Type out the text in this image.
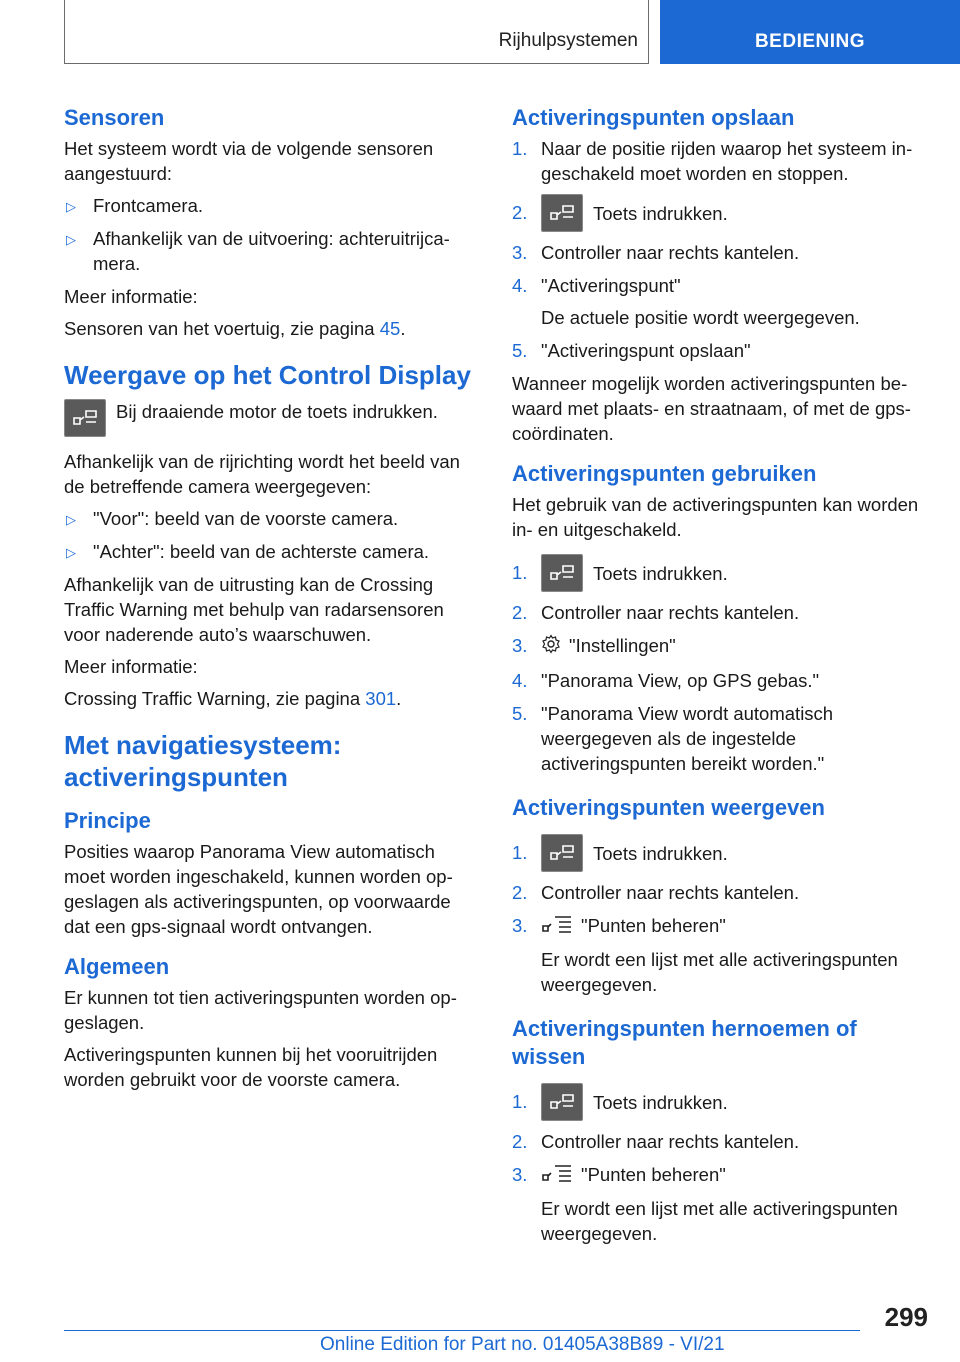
Rijhulpsystemen	BEDIENING
Sensoren

Het systeem wordt via de volgende sensoren aangestuurd:

▷ Frontcamera.
▷ Afhankelijk van de uitvoering: achteruitrijcamera.

Meer informatie:

Sensoren van het voertuig, zie pagina 45.

Weergave op het Control Display
Bij draaiende motor de toets indrukken.

Afhankelijk van de rijrichting wordt het beeld van de betreffende camera weergegeven:

▷ "Voor": beeld van de voorste camera.
▷ "Achter": beeld van de achterste camera.

Afhankelijk van de uitrusting kan de Crossing Traffic Warning met behulp van radarsensoren voor naderende auto’s waarschuwen.

Meer informatie:

Crossing Traffic Warning, zie pagina 301.

Met navigatiesysteem: activeringspunten
Principe

Posities waarop Panorama View automatisch moet worden ingeschakeld, kunnen worden opgeslagen als activeringspunten, op voorwaarde dat een gps-signaal wordt ontvangen.

Algemeen

Er kunnen tot tien activeringspunten worden opgeslagen.

Activeringspunten kunnen bij het vooruitrijden worden gebruikt voor de voorste camera.

Activeringspunten opslaan
1. Naar de positie rijden waarop het systeem ingeschakeld moet worden en stoppen.
2.	Toets indrukken.
3. Controller naar rechts kantelen.
4. "Activeringspunt"
De actuele positie wordt weergegeven.
5. "Activeringspunt opslaan"

Wanneer mogelijk worden activeringspunten bewaard met plaats- en straatnaam, of met de gps-coördinaten.

Activeringspunten gebruiken

Het gebruik van de activeringspunten kan worden in- en uitgeschakeld.

1.	Toets indrukken.
2. Controller naar rechts kantelen.
3. "Instellingen"
4. "Panorama View, op GPS gebas."
5. "Panorama View wordt automatisch weergegeven als de ingestelde activeringspunten bereikt worden."
Activeringspunten weergeven
1.	Toets indrukken.
2. Controller naar rechts kantelen.
3.	"Punten beheren"
Er wordt een lijst met alle activeringspunten weergegeven.
Activeringspunten hernoemen of wissen
1.	Toets indrukken.
2. Controller naar rechts kantelen.
3.	"Punten beheren"
Er wordt een lijst met alle activeringspunten weergegeven.
299
Online Edition for Part no. 01405A38B89 - VI/21
